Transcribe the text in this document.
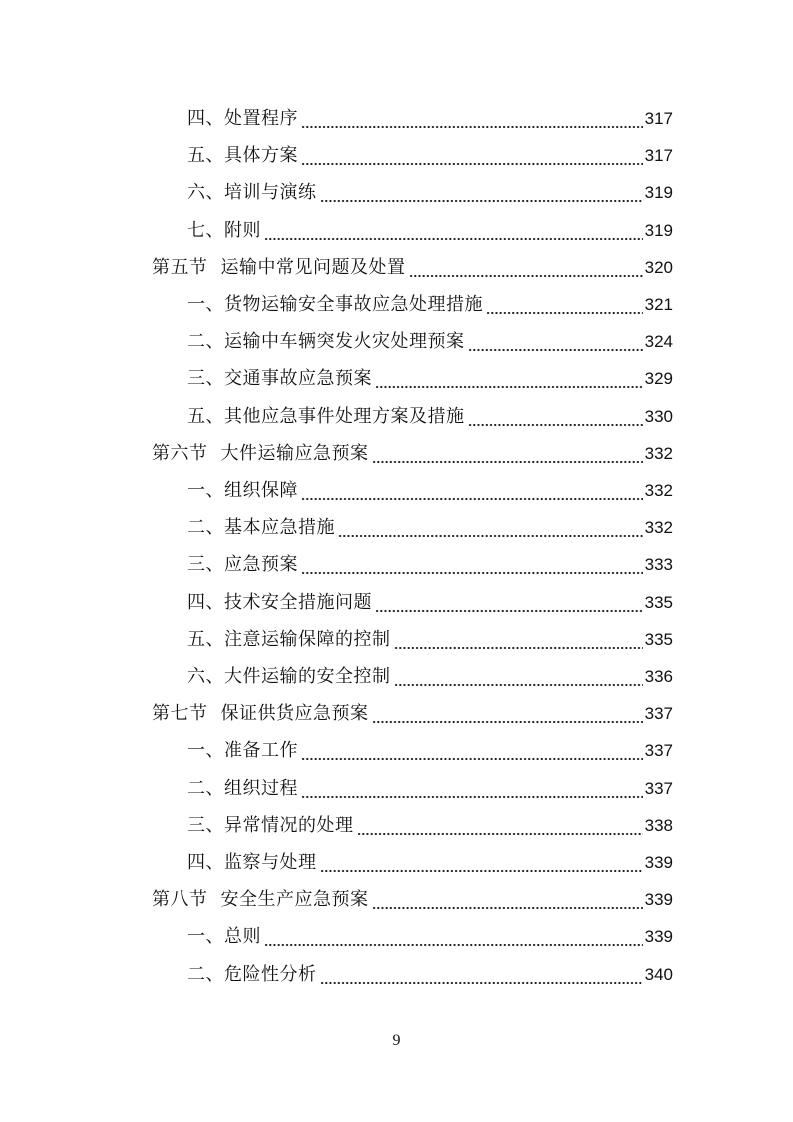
四、处置程序	317
五、具体方案	317
六、培训与演练	319
七、附则	319
第五节 运输中常见问题及处置	320
一、货物运输安全事故应急处理措施	321
二、运输中车辆突发火灾处理预案	324
三、交通事故应急预案	329
五、其他应急事件处理方案及措施	330
第六节 大件运输应急预案	332
一、组织保障	332
二、基本应急措施	332
三、应急预案	333
四、技术安全措施问题	335
五、注意运输保障的控制	335
六、大件运输的安全控制	336
第七节 保证供货应急预案	337
一、准备工作	337
二、组织过程	337
三、异常情况的处理	338
四、监察与处理	339
第八节 安全生产应急预案	339
一、总则	339
二、危险性分析	340
9
